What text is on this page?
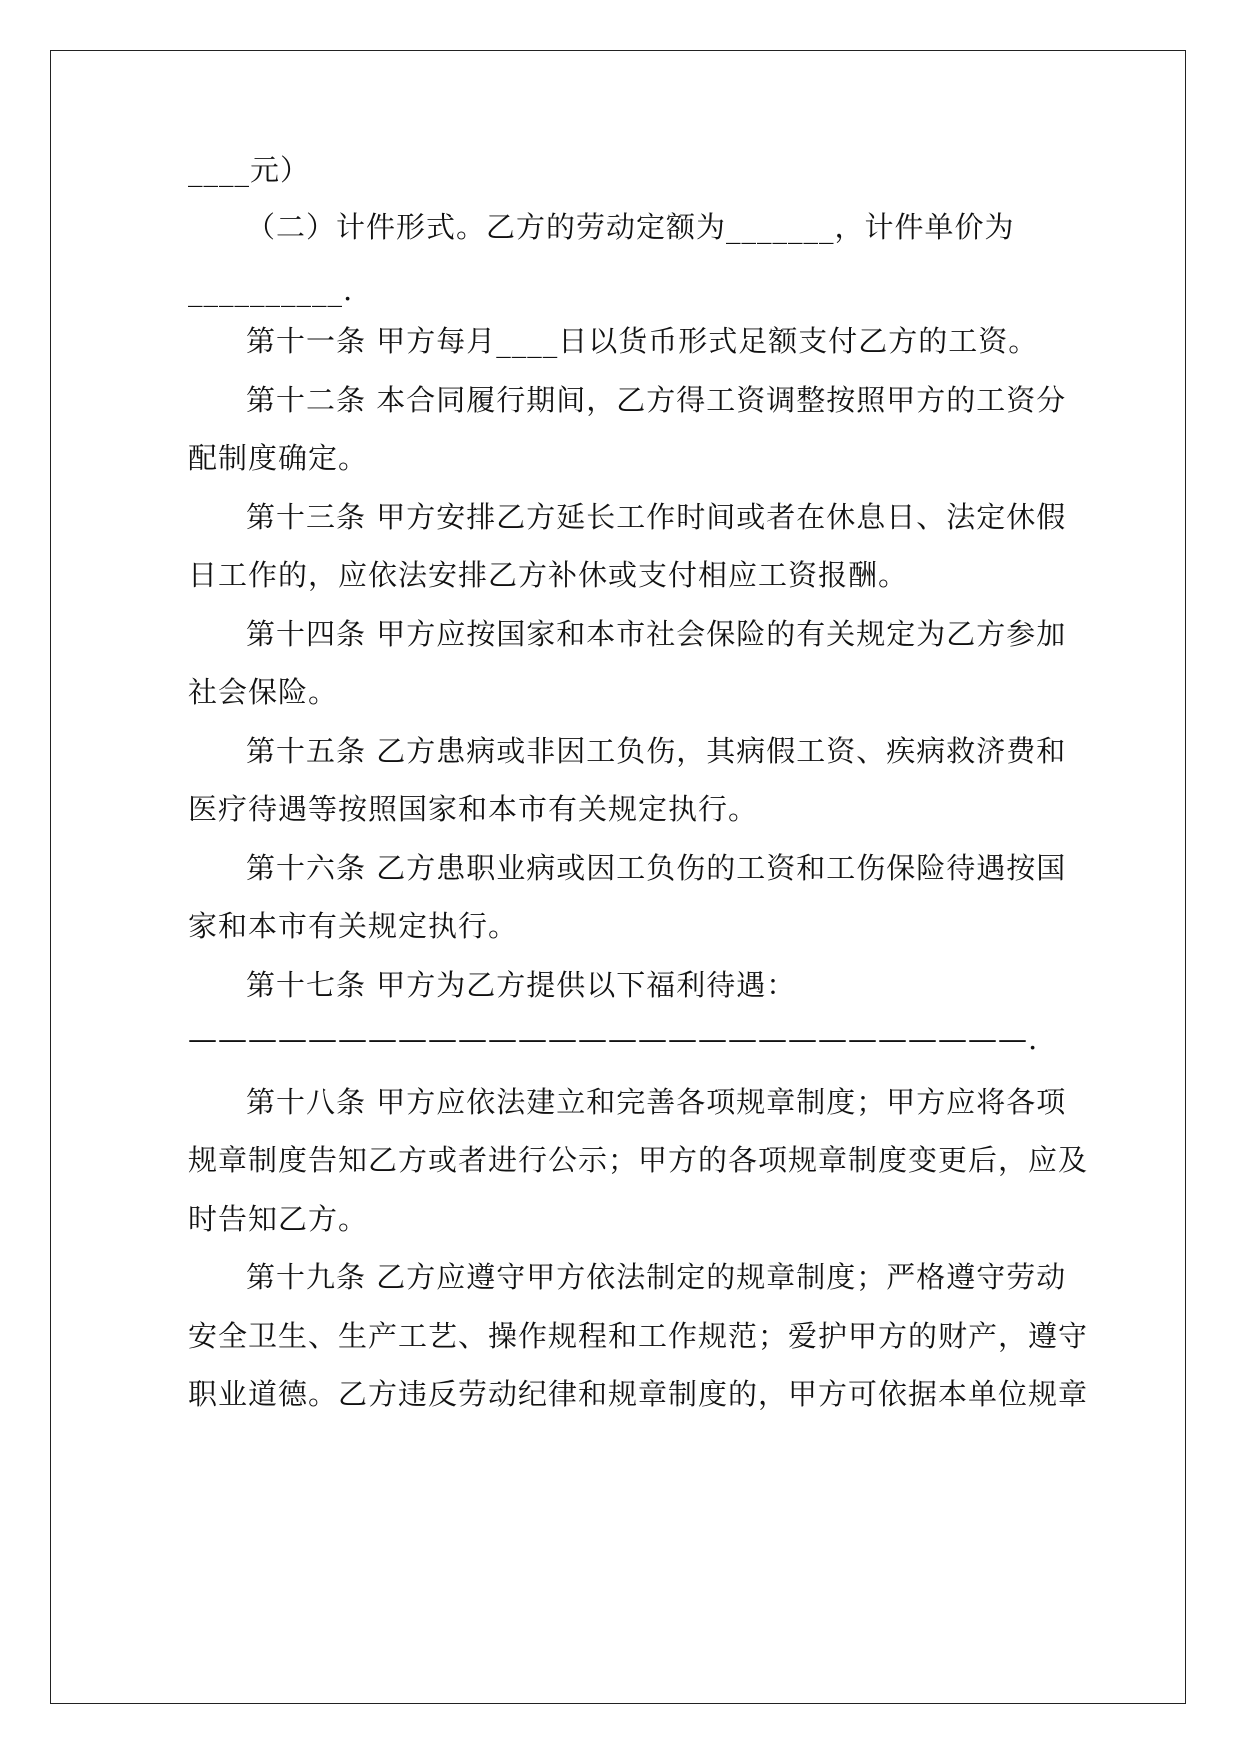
____元）
（二）计件形式。乙方的劳动定额为_______，计件单价为
__________.
第十一条 甲方每月____日以货币形式足额支付乙方的工资。
第十二条 本合同履行期间，乙方得工资调整按照甲方的工资分
配制度确定。
第十三条 甲方安排乙方延长工作时间或者在休息日、法定休假
日工作的，应依法安排乙方补休或支付相应工资报酬。
第十四条 甲方应按国家和本市社会保险的有关规定为乙方参加
社会保险。
第十五条 乙方患病或非因工负伤，其病假工资、疾病救济费和
医疗待遇等按照国家和本市有关规定执行。
第十六条 乙方患职业病或因工负伤的工资和工伤保险待遇按国
家和本市有关规定执行。
第十七条 甲方为乙方提供以下福利待遇：
————————————————————————————.
第十八条 甲方应依法建立和完善各项规章制度；甲方应将各项
规章制度告知乙方或者进行公示；甲方的各项规章制度变更后，应及
时告知乙方。
第十九条 乙方应遵守甲方依法制定的规章制度；严格遵守劳动
安全卫生、生产工艺、操作规程和工作规范；爱护甲方的财产，遵守
职业道德。乙方违反劳动纪律和规章制度的，甲方可依据本单位规章
